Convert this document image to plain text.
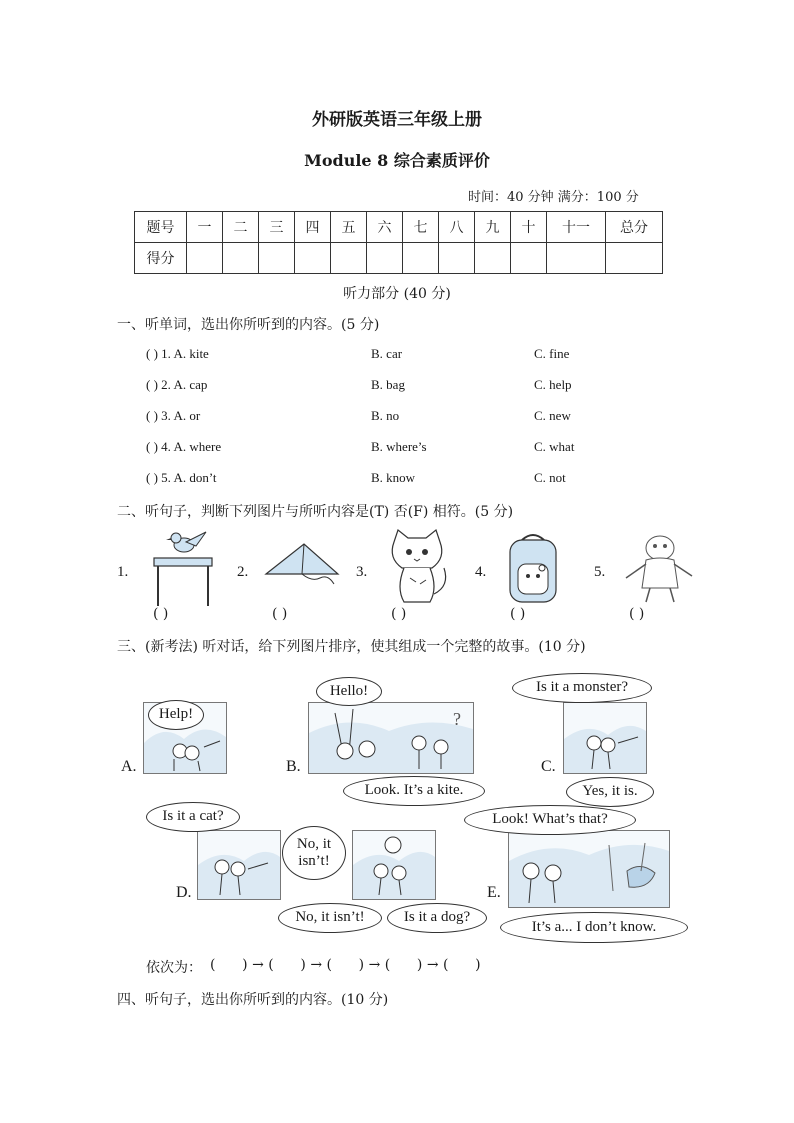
外研版英语三年级上册
Module 8 综合素质评价
时间：40 分钟 满分：100 分
题号	一	二	三	四	五	六	七	八	九	十	十一	总分
得分												
听力部分 (40 分)
一、听单词，选出你所听到的内容。(5 分)
( ) 1. A. kite	B. car	C. fine
( ) 2. A. cap	B. bag	C. help
( ) 3. A. or	B. no	C. new
( ) 4. A. where	B. where’s	C. what
( ) 5. A. don’t	B. know	C. not
二、听句子，判断下列图片与所听内容是(T) 否(F) 相符。(5 分)
1.
( )
2.
( )
3.
( )
4.
( )
5.
( )
三、(新考法) 听对话，给下列图片排序，使其组成一个完整的故事。(10 分)
A.
Help!
B.
?
Hello!
Look. It’s a kite.
C.
Is it a monster?
Yes, it is.
D.
Is it a cat?
No, it isn’t!
No, it isn’t!	Is it a dog?
E.
Look! What’s that?
It’s a... I don’t know.
依次为： (      ) → (      ) → (      ) → (      ) → (      )
四、听句子，选出你所听到的内容。(10 分)
